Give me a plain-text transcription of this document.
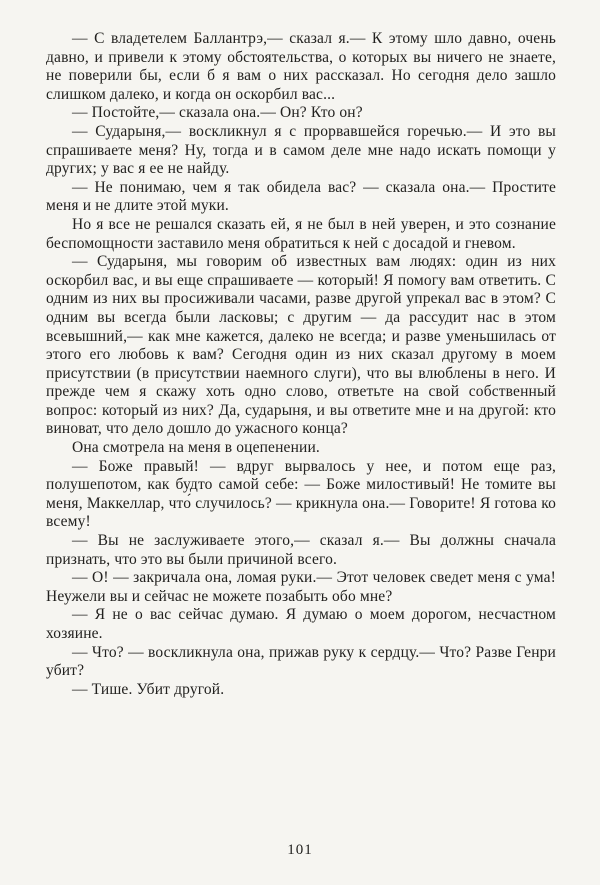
— С владетелем Баллантрэ,— сказал я.— К этому шло давно, очень давно, и привели к этому обстоятельства, о которых вы ничего не знаете, не поверили бы, если б я вам о них рассказал. Но сегодня дело зашло слишком далеко, и когда он оскорбил вас...

— Постойте,— сказала она.— Он? Кто он?

— Сударыня,— воскликнул я с прорвавшейся горечью.— И это вы спрашиваете меня? Ну, тогда и в самом деле мне надо искать помощи у других; у вас я ее не найду.

— Не понимаю, чем я так обидела вас? — сказала она.— Простите меня и не длите этой муки.

Но я все не решался сказать ей, я не был в ней уверен, и это сознание беспомощности заставило меня обратиться к ней с досадой и гневом.

— Сударыня, мы говорим об известных вам людях: один из них оскорбил вас, и вы еще спрашиваете — который! Я помогу вам ответить. С одним из них вы просиживали часами, разве другой упрекал вас в этом? С одним вы всегда были ласковы; с другим — да рассудит нас в этом всевышний,— как мне кажется, далеко не всегда; и разве уменьшилась от этого его любовь к вам? Сегодня один из них сказал другому в моем присутствии (в присутствии наемного слуги), что вы влюблены в него. И прежде чем я скажу хоть одно слово, ответьте на свой собственный вопрос: который из них? Да, сударыня, и вы ответите мне и на другой: кто виноват, что дело дошло до ужасного конца?

Она смотрела на меня в оцепенении.

— Боже правый! — вдруг вырвалось у нее, и потом еще раз, полушепотом, как будто самой себе: — Боже милостивый! Не томите вы меня, Маккеллар, что́ случилось? — крикнула она.— Говорите! Я готова ко всему!

— Вы не заслуживаете этого,— сказал я.— Вы должны сначала признать, что это вы были причиной всего.

— О! — закричала она, ломая руки.— Этот человек сведет меня с ума! Неужели вы и сейчас не можете позабыть обо мне?

— Я не о вас сейчас думаю. Я думаю о моем дорогом, несчастном хозяине.

— Что? — воскликнула она, прижав руку к сердцу.— Что? Разве Генри убит?

— Тише. Убит другой.

101
